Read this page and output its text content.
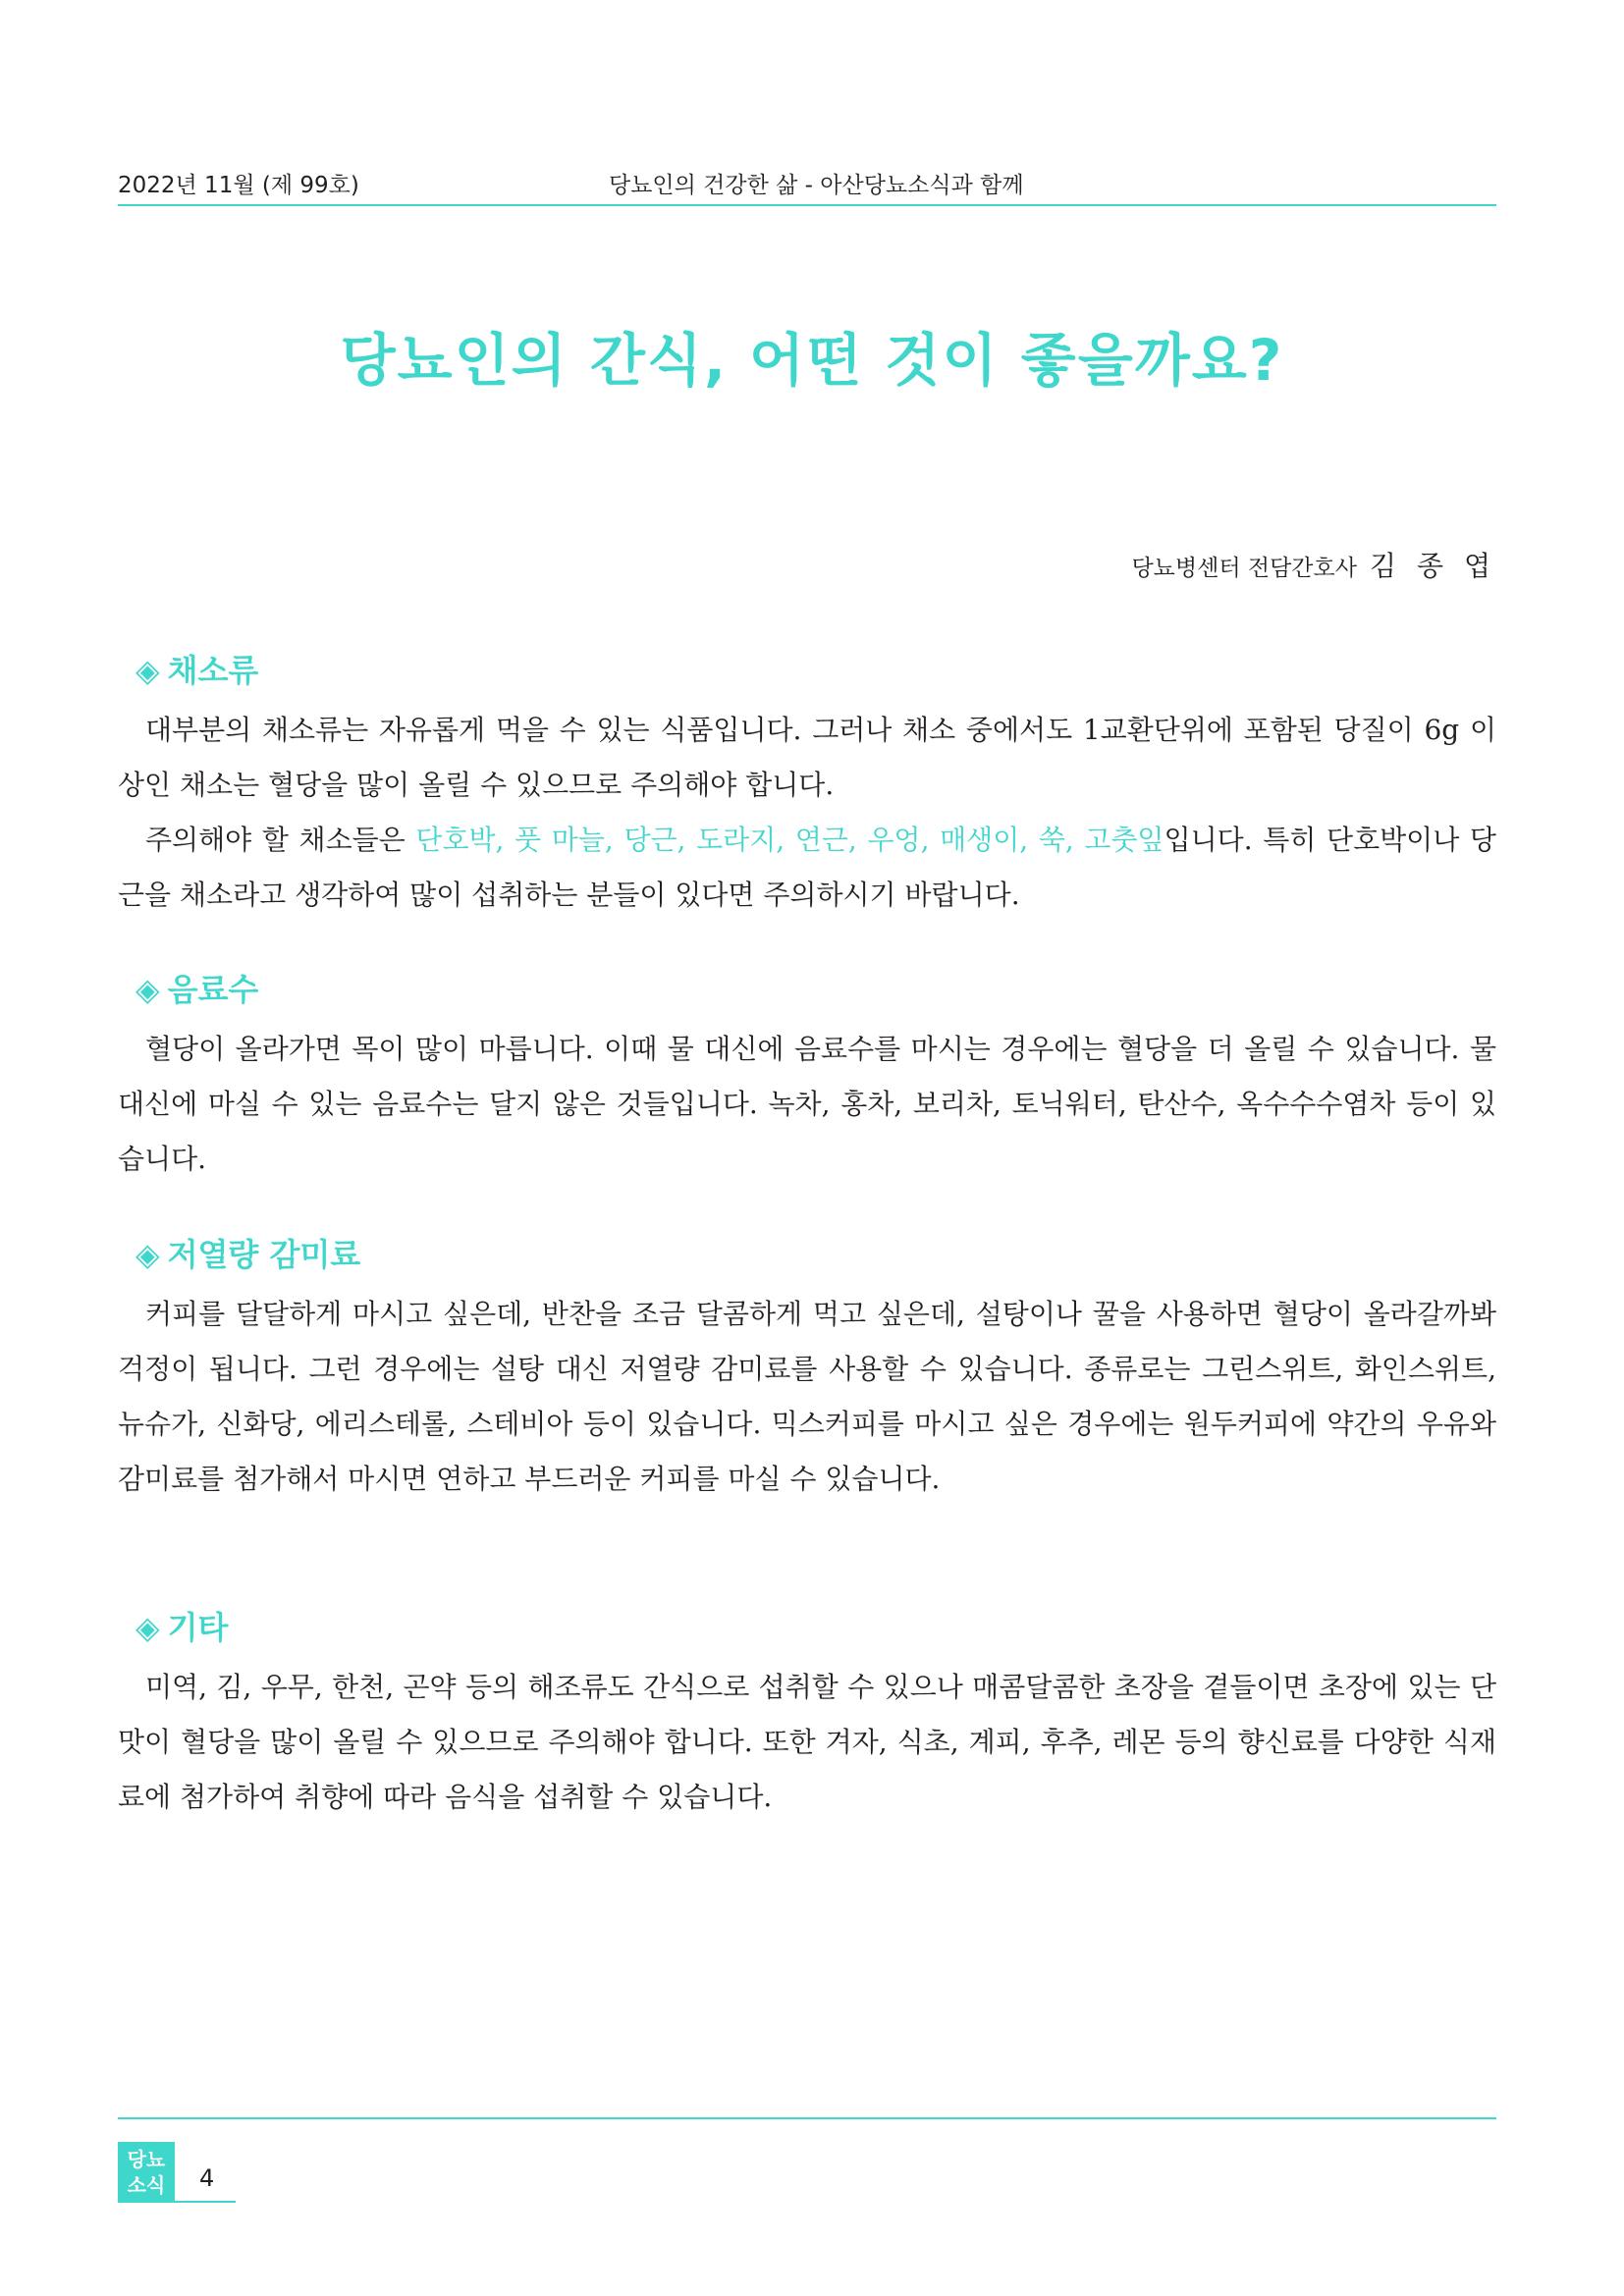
2022년 11월 (제 99호)	당뇨인의 건강한 삶 - 아산당뇨소식과 함께
당뇨인의 간식, 어떤 것이 좋을까요?
당뇨병센터 전담간호사 김 종 엽
◈ 채소류

대부분의 채소류는 자유롭게 먹을 수 있는 식품입니다. 그러나 채소 중에서도 1교환단위에 포함된 당질이 6g 이상인 채소는 혈당을 많이 올릴 수 있으므로 주의해야 합니다.

주의해야 할 채소들은 단호박, 풋 마늘, 당근, 도라지, 연근, 우엉, 매생이, 쑥, 고춧잎입니다. 특히 단호박이나 당근을 채소라고 생각하여 많이 섭취하는 분들이 있다면 주의하시기 바랍니다.

◈ 음료수

혈당이 올라가면 목이 많이 마릅니다. 이때 물 대신에 음료수를 마시는 경우에는 혈당을 더 올릴 수 있습니다. 물 대신에 마실 수 있는 음료수는 달지 않은 것들입니다. 녹차, 홍차, 보리차, 토닉워터, 탄산수, 옥수수수염차 등이 있습니다.

◈ 저열량 감미료

커피를 달달하게 마시고 싶은데, 반찬을 조금 달콤하게 먹고 싶은데, 설탕이나 꿀을 사용하면 혈당이 올라갈까봐 걱정이 됩니다. 그런 경우에는 설탕 대신 저열량 감미료를 사용할 수 있습니다. 종류로는 그린스위트, 화인스위트, 뉴슈가, 신화당, 에리스테롤, 스테비아 등이 있습니다. 믹스커피를 마시고 싶은 경우에는 원두커피에 약간의 우유와 감미료를 첨가해서 마시면 연하고 부드러운 커피를 마실 수 있습니다.

◈ 기타

미역, 김, 우무, 한천, 곤약 등의 해조류도 간식으로 섭취할 수 있으나 매콤달콤한 초장을 곁들이면 초장에 있는 단맛이 혈당을 많이 올릴 수 있으므로 주의해야 합니다. 또한 겨자, 식초, 계피, 후추, 레몬 등의 향신료를 다양한 식재료에 첨가하여 취향에 따라 음식을 섭취할 수 있습니다.

당뇨
소식	4
